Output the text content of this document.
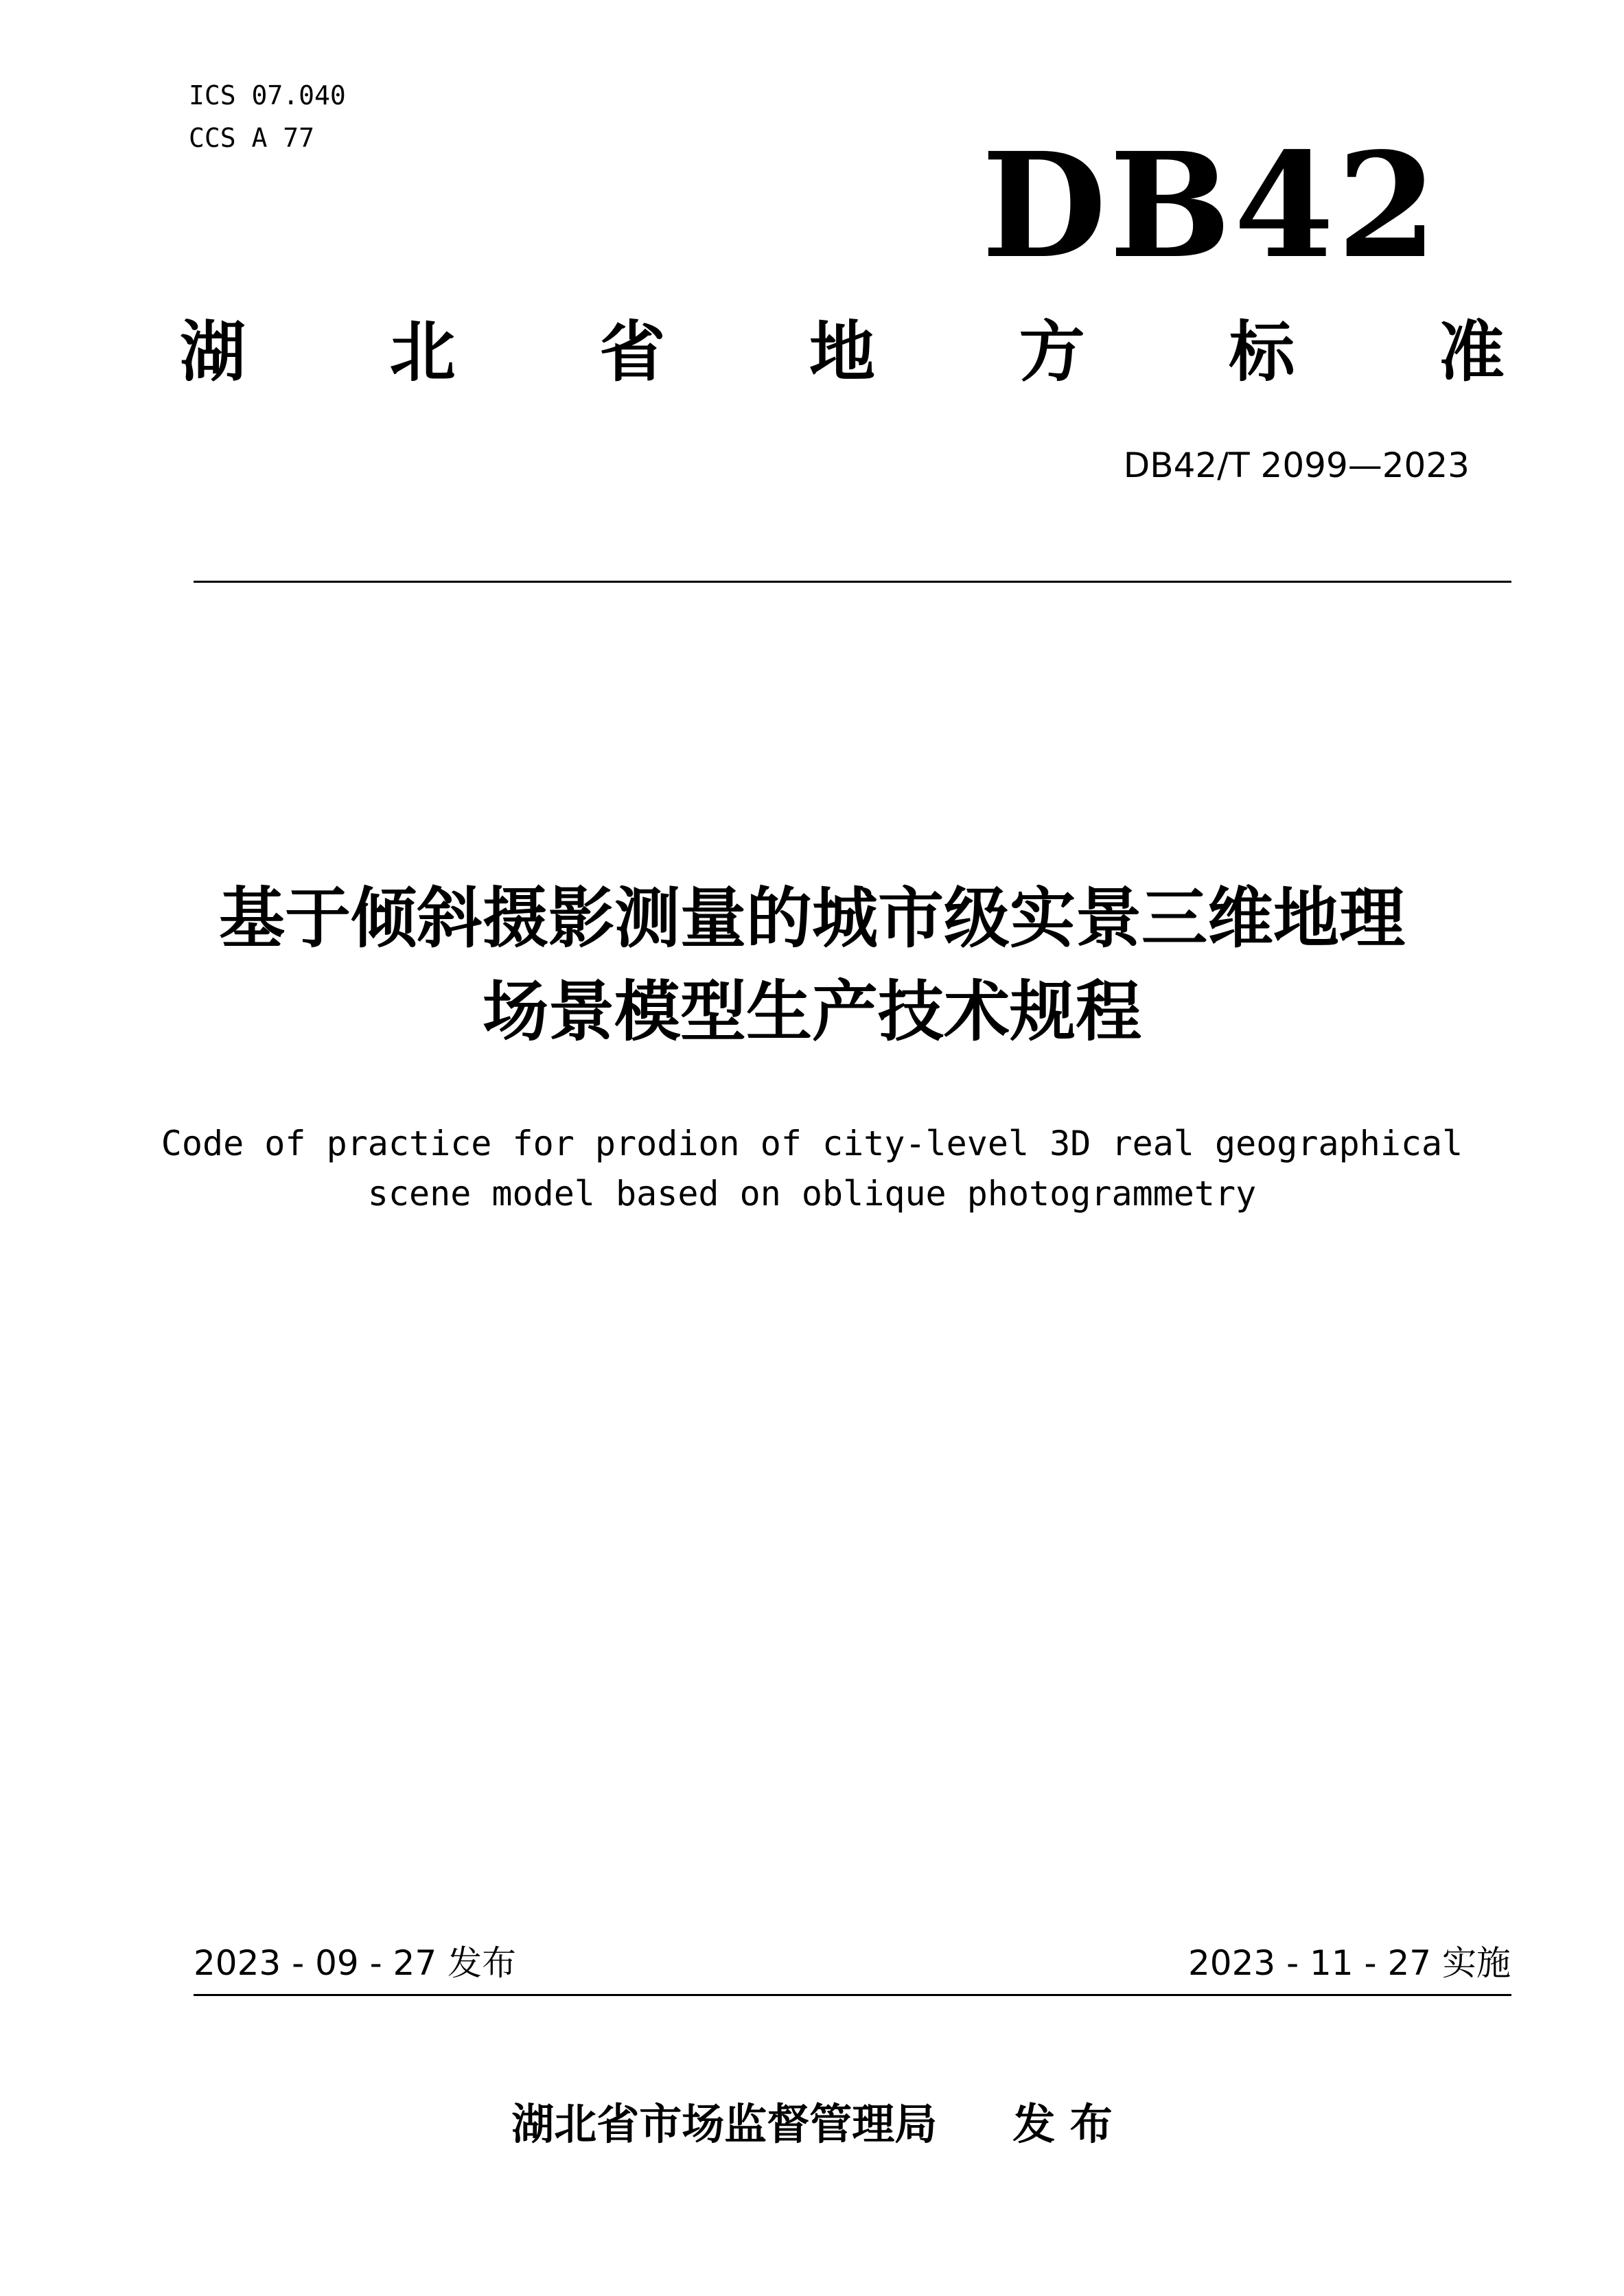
ICS 07.040
CCS A 77	DB42
湖 北 省 地 方 标 准
DB42/T 2099—2023
基于倾斜摄影测量的城市级实景三维地理
场景模型生产技术规程
Code of practice for prodion of city-level 3D real geographical
scene model based on oblique photogrammetry
2023 - 09 - 27 发布	2023 - 11 - 27 实施
湖北省市场监督管理局 发 布
